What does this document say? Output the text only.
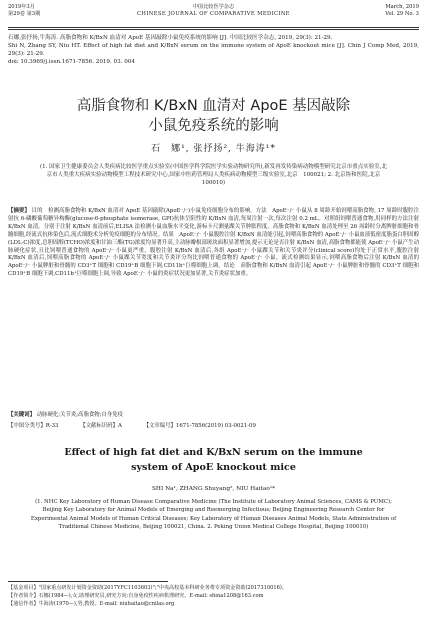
2019年3月
第29卷 第3期
中国比较医学杂志
CHINESE JOURNAL OF COMPARATIVE MEDICINE
March, 2019
Vol. 29 No. 3
石娜,张抒扬,牛海涛. 高脂食物和 K/BxN 血清对 ApoE 基因敲除小鼠免疫系统的影响 [J]. 中国比较医学杂志, 2019, 29(3): 21-29.
Shi N, Zhang SY, Niu HT. Effect of high fat diet and K/BxN serum on the immune system of ApoE knockout mice [J]. Chin J Comp Med, 2019, 29(3): 21-29.
doi: 10.3969/j.issn.1671-7856. 2019. 03. 004
高脂食物和 K/BxN 血清对 ApoE 基因敲除
小鼠免疫系统的影响
石　娜¹, 张抒扬², 牛海涛¹*
(1. 国家卫生健康委员会人类疾病比较医学重点实验室(中国医学科学院医学实验动物研究所),新发再发传染病动物模型研究北京市重点实验室,北京市人类重大疾病实验动物模型工程技术研究中心,国家中医药管理局人类疾病动物模型三级实验室,北京　100021; 2. 北京协和医院,北京　100010)
【摘要】 目的　检测高脂食物和 K/BxN 血清对 ApoE 基因敲除(ApoE⁻/⁻)小鼠免疫细胞分布的影响。方法　ApoE⁻/⁻ 小鼠从 8 周龄开始饲喂高脂食物, 17 周龄时腹腔注射抗 6-磷酸葡萄糖异构酶(glucose-6-phosphate isomerase, GPI)抗体呈阳性的 K/BxN 血清,每周注射一次,每次注射 0.2 mL。对照组饲喂普通食物,用同样的方法注射 K/BxN 血清。分别于注射 K/BxN 血清前后,ELISA 法检测小鼠血脂水平变化,游标卡尺测量踝关节肿胀程度。高脂食物和 K/BxN 血清处理至 26 周龄时分离脾脏细胞和骨髓细胞,经流式抗体染色后,流式细胞术分析免疫细胞的分布情况。结果　ApoE⁻/⁻ 小鼠腹腔注射 K/BxN 血清能引起,饲喂高脂食物的 ApoE⁻/⁻ 小鼠血液低密度脂蛋白胆固醇(LDL-C)浓度,总胆固醇(TCHO)浓度和甘油三酯(TG)浓度均显著升高,主动脉瓣根部斑块面积显著增加,提示无论是否注射 K/BxN 血清,高脂食物都能使 ApoE⁻/⁻ 小鼠产生动脉硬化症状,且比饲喂普通食物的 ApoE⁻/⁻ 小鼠更严重。腹腔注射 K/BxN 血清后,各组 ApoE⁻/⁻ 小鼠踝关节和关节炎评分(clinical score)均处于正常水平,腹腔注射 K/BxN 血清后,饲喂高脂食物的 ApoE⁻/⁻ 小鼠踝关节宽度和关节炎评分均比饲喂普通食物的 ApoE⁻/⁻ 小鼠。流式检测结果显示,饲喂高脂食物后注射 K/BxN 血清的 ApoE⁻/⁻ 小鼠脾脏和骨髓的 CD3⁺T 细胞和 CD19⁺B 细胞下调,CD11b⁺巨噬细胞上调。结论　高脂食物和 K/BxN 血清引起 ApoE⁻/⁻ 小鼠脾脏和骨髓的 CD3⁺T 细胞和 CD19⁺B 细胞下调,CD11b⁺巨噬细胞上调,导致 ApoE⁻/⁻ 小鼠的炎症状况更加显著,关节炎症状加重。
【关键词】 动脉硬化;关节炎;高脂食物;自身免疫
【中图分类号】R-33	【文献标识码】A	【文章编号】1671-7856(2019) 03-0021-09
Effect of high fat diet and K/BxN serum on the immune
system of ApoE knockout mice
SHI Na¹, ZHANG Shuyang², NIU Haitao¹*
(1. NHC Key Laboratory of Human Disease Comparative Medicine (The Institute of Laboratory Animal Sciences, CAMS & PUMC); Beijing Key Laboratory for Animal Models of Emerging and Reemerging Infectious; Beijing Engineering Research Center for Experimental Animal Models of Human Critical Diseases; Key Laboratory of Human Diseases Animal Models, State Administration of Traditional Chinese Medicine, Beijing 100021, China. 2. Peking Union Medical College Hospital, Beijing 100010)
【基金项目】"国家重点研发计划资金资助(2017YFC1103603)";"中央高校基本科研业务费专项资金资助(2017310016)。
【作者简介】石娜(1984—),女,助理研究员,研究方向:自身免疫性疾病机理研究。E-mail: shina1208@163.com
【通信作者】牛海涛(1970—),男,教授。E-mail: niuhaitao@cnilas.org
